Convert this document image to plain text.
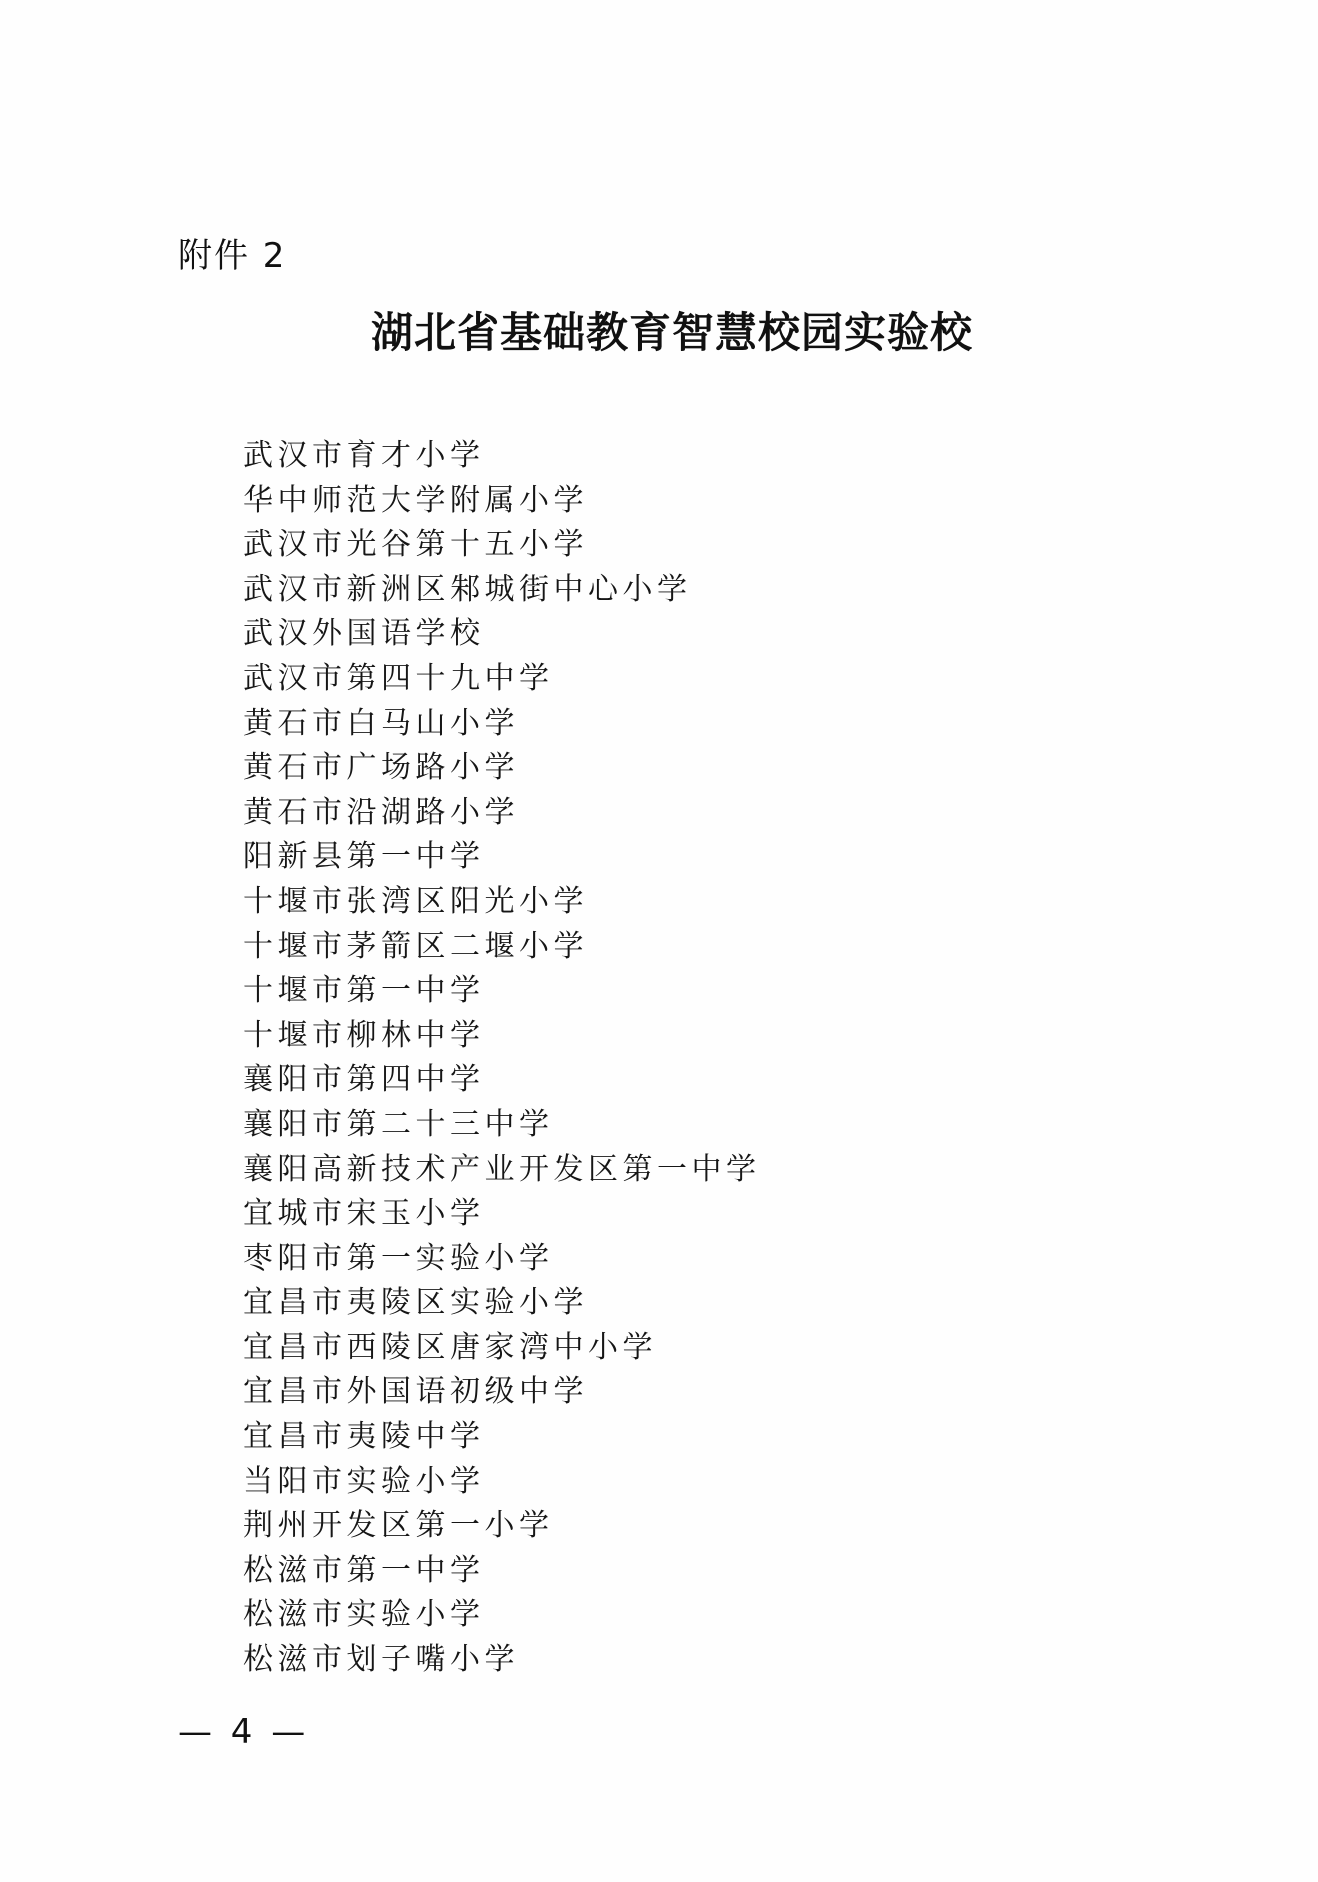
附件 2
湖北省基础教育智慧校园实验校
武汉市育才小学
华中师范大学附属小学
武汉市光谷第十五小学
武汉市新洲区邾城街中心小学
武汉外国语学校
武汉市第四十九中学
黄石市白马山小学
黄石市广场路小学
黄石市沿湖路小学
阳新县第一中学
十堰市张湾区阳光小学
十堰市茅箭区二堰小学
十堰市第一中学
十堰市柳林中学
襄阳市第四中学
襄阳市第二十三中学
襄阳高新技术产业开发区第一中学
宜城市宋玉小学
枣阳市第一实验小学
宜昌市夷陵区实验小学
宜昌市西陵区唐家湾中小学
宜昌市外国语初级中学
宜昌市夷陵中学
当阳市实验小学
荆州开发区第一小学
松滋市第一中学
松滋市实验小学
松滋市划子嘴小学
— 4 —
